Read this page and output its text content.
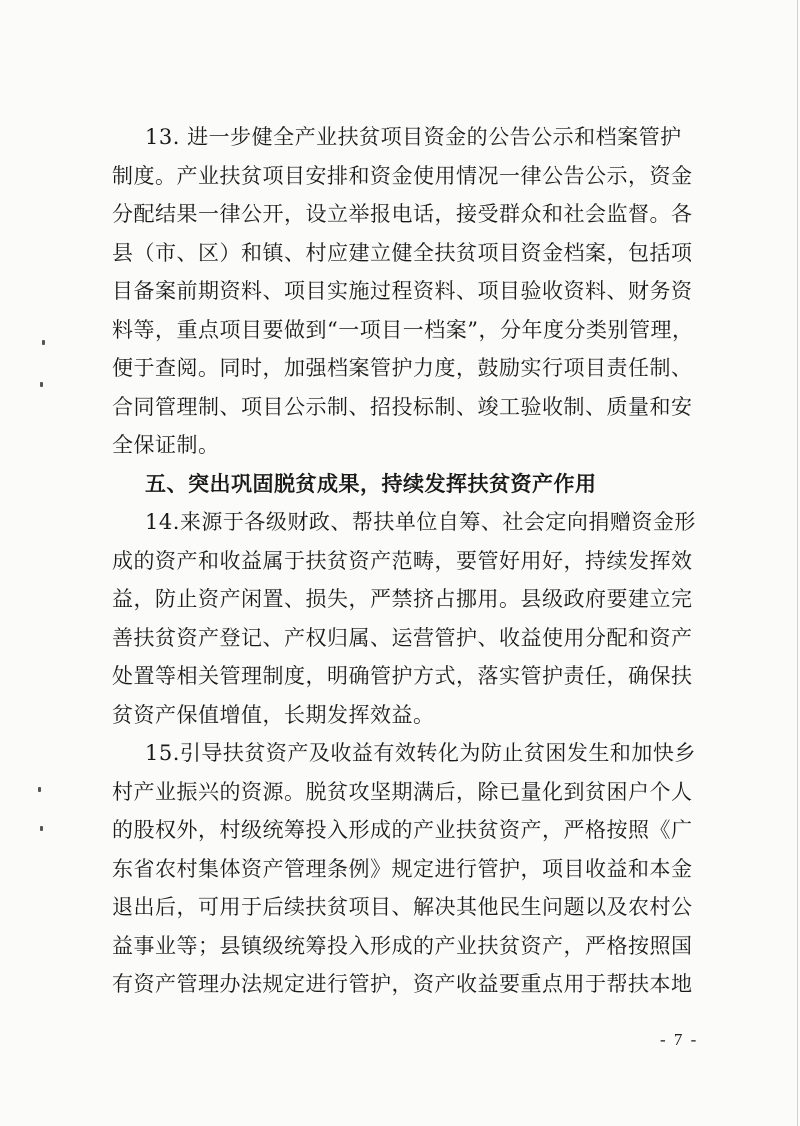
13. 进一步健全产业扶贫项目资金的公告公示和档案管护
制度。产业扶贫项目安排和资金使用情况一律公告公示，资金
分配结果一律公开，设立举报电话，接受群众和社会监督。各
县（市、区）和镇、村应建立健全扶贫项目资金档案，包括项
目备案前期资料、项目实施过程资料、项目验收资料、财务资
料等，重点项目要做到“一项目一档案”，分年度分类别管理，
便于查阅。同时，加强档案管护力度，鼓励实行项目责任制、
合同管理制、项目公示制、招投标制、竣工验收制、质量和安
全保证制。
五、突出巩固脱贫成果，持续发挥扶贫资产作用
14.来源于各级财政、帮扶单位自筹、社会定向捐赠资金形
成的资产和收益属于扶贫资产范畴，要管好用好，持续发挥效
益，防止资产闲置、损失，严禁挤占挪用。县级政府要建立完
善扶贫资产登记、产权归属、运营管护、收益使用分配和资产
处置等相关管理制度，明确管护方式，落实管护责任，确保扶
贫资产保值增值，长期发挥效益。
15.引导扶贫资产及收益有效转化为防止贫困发生和加快乡
村产业振兴的资源。脱贫攻坚期满后，除已量化到贫困户个人
的股权外，村级统筹投入形成的产业扶贫资产，严格按照《广
东省农村集体资产管理条例》规定进行管护，项目收益和本金
退出后，可用于后续扶贫项目、解决其他民生问题以及农村公
益事业等；县镇级统筹投入形成的产业扶贫资产，严格按照国
有资产管理办法规定进行管护，资产收益要重点用于帮扶本地
- 7 -
